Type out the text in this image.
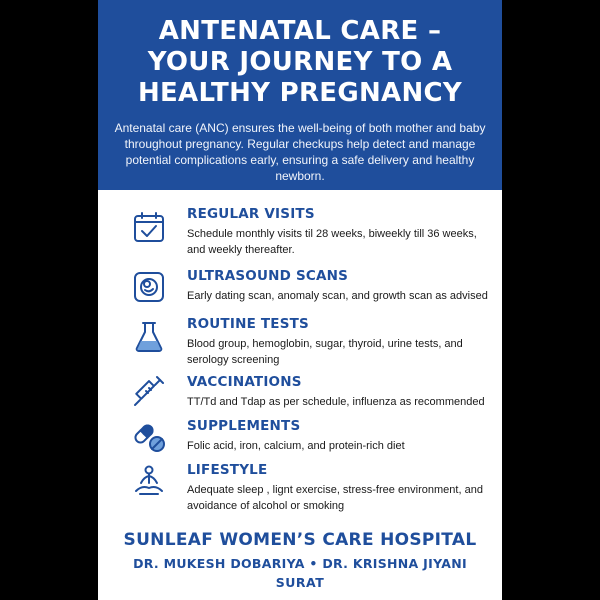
ANTENATAL CARE –
YOUR JOURNEY TO A
HEALTHY PREGNANCY

Antenatal care (ANC) ensures the well-being of both mother and baby throughout pregnancy. Regular checkups help detect and manage potential complications early, ensuring a safe delivery and healthy newborn.

REGULAR VISITS
Schedule monthly visits til 28 weeks, biweekly till 36 weeks, and weekly thereafter.
ULTRASOUND SCANS
Early dating scan, anomaly scan, and growth scan as advised
ROUTINE TESTS
Blood group, hemoglobin, sugar, thyroid, urine tests, and serology screening
VACCINATIONS
TT/Td and Tdap as per schedule, influenza as recommended
SUPPLEMENTS
Folic acid, iron, calcium, and protein-rich diet
LIFESTYLE
Adequate sleep , lignt exercise, stress-free environment, and avoidance of alcohol or smoking
SUNLEAF WOMEN’S CARE HOSPITAL
DR. MUKESH DOBARIYA • DR. KRISHNA JIYANI
SURAT
